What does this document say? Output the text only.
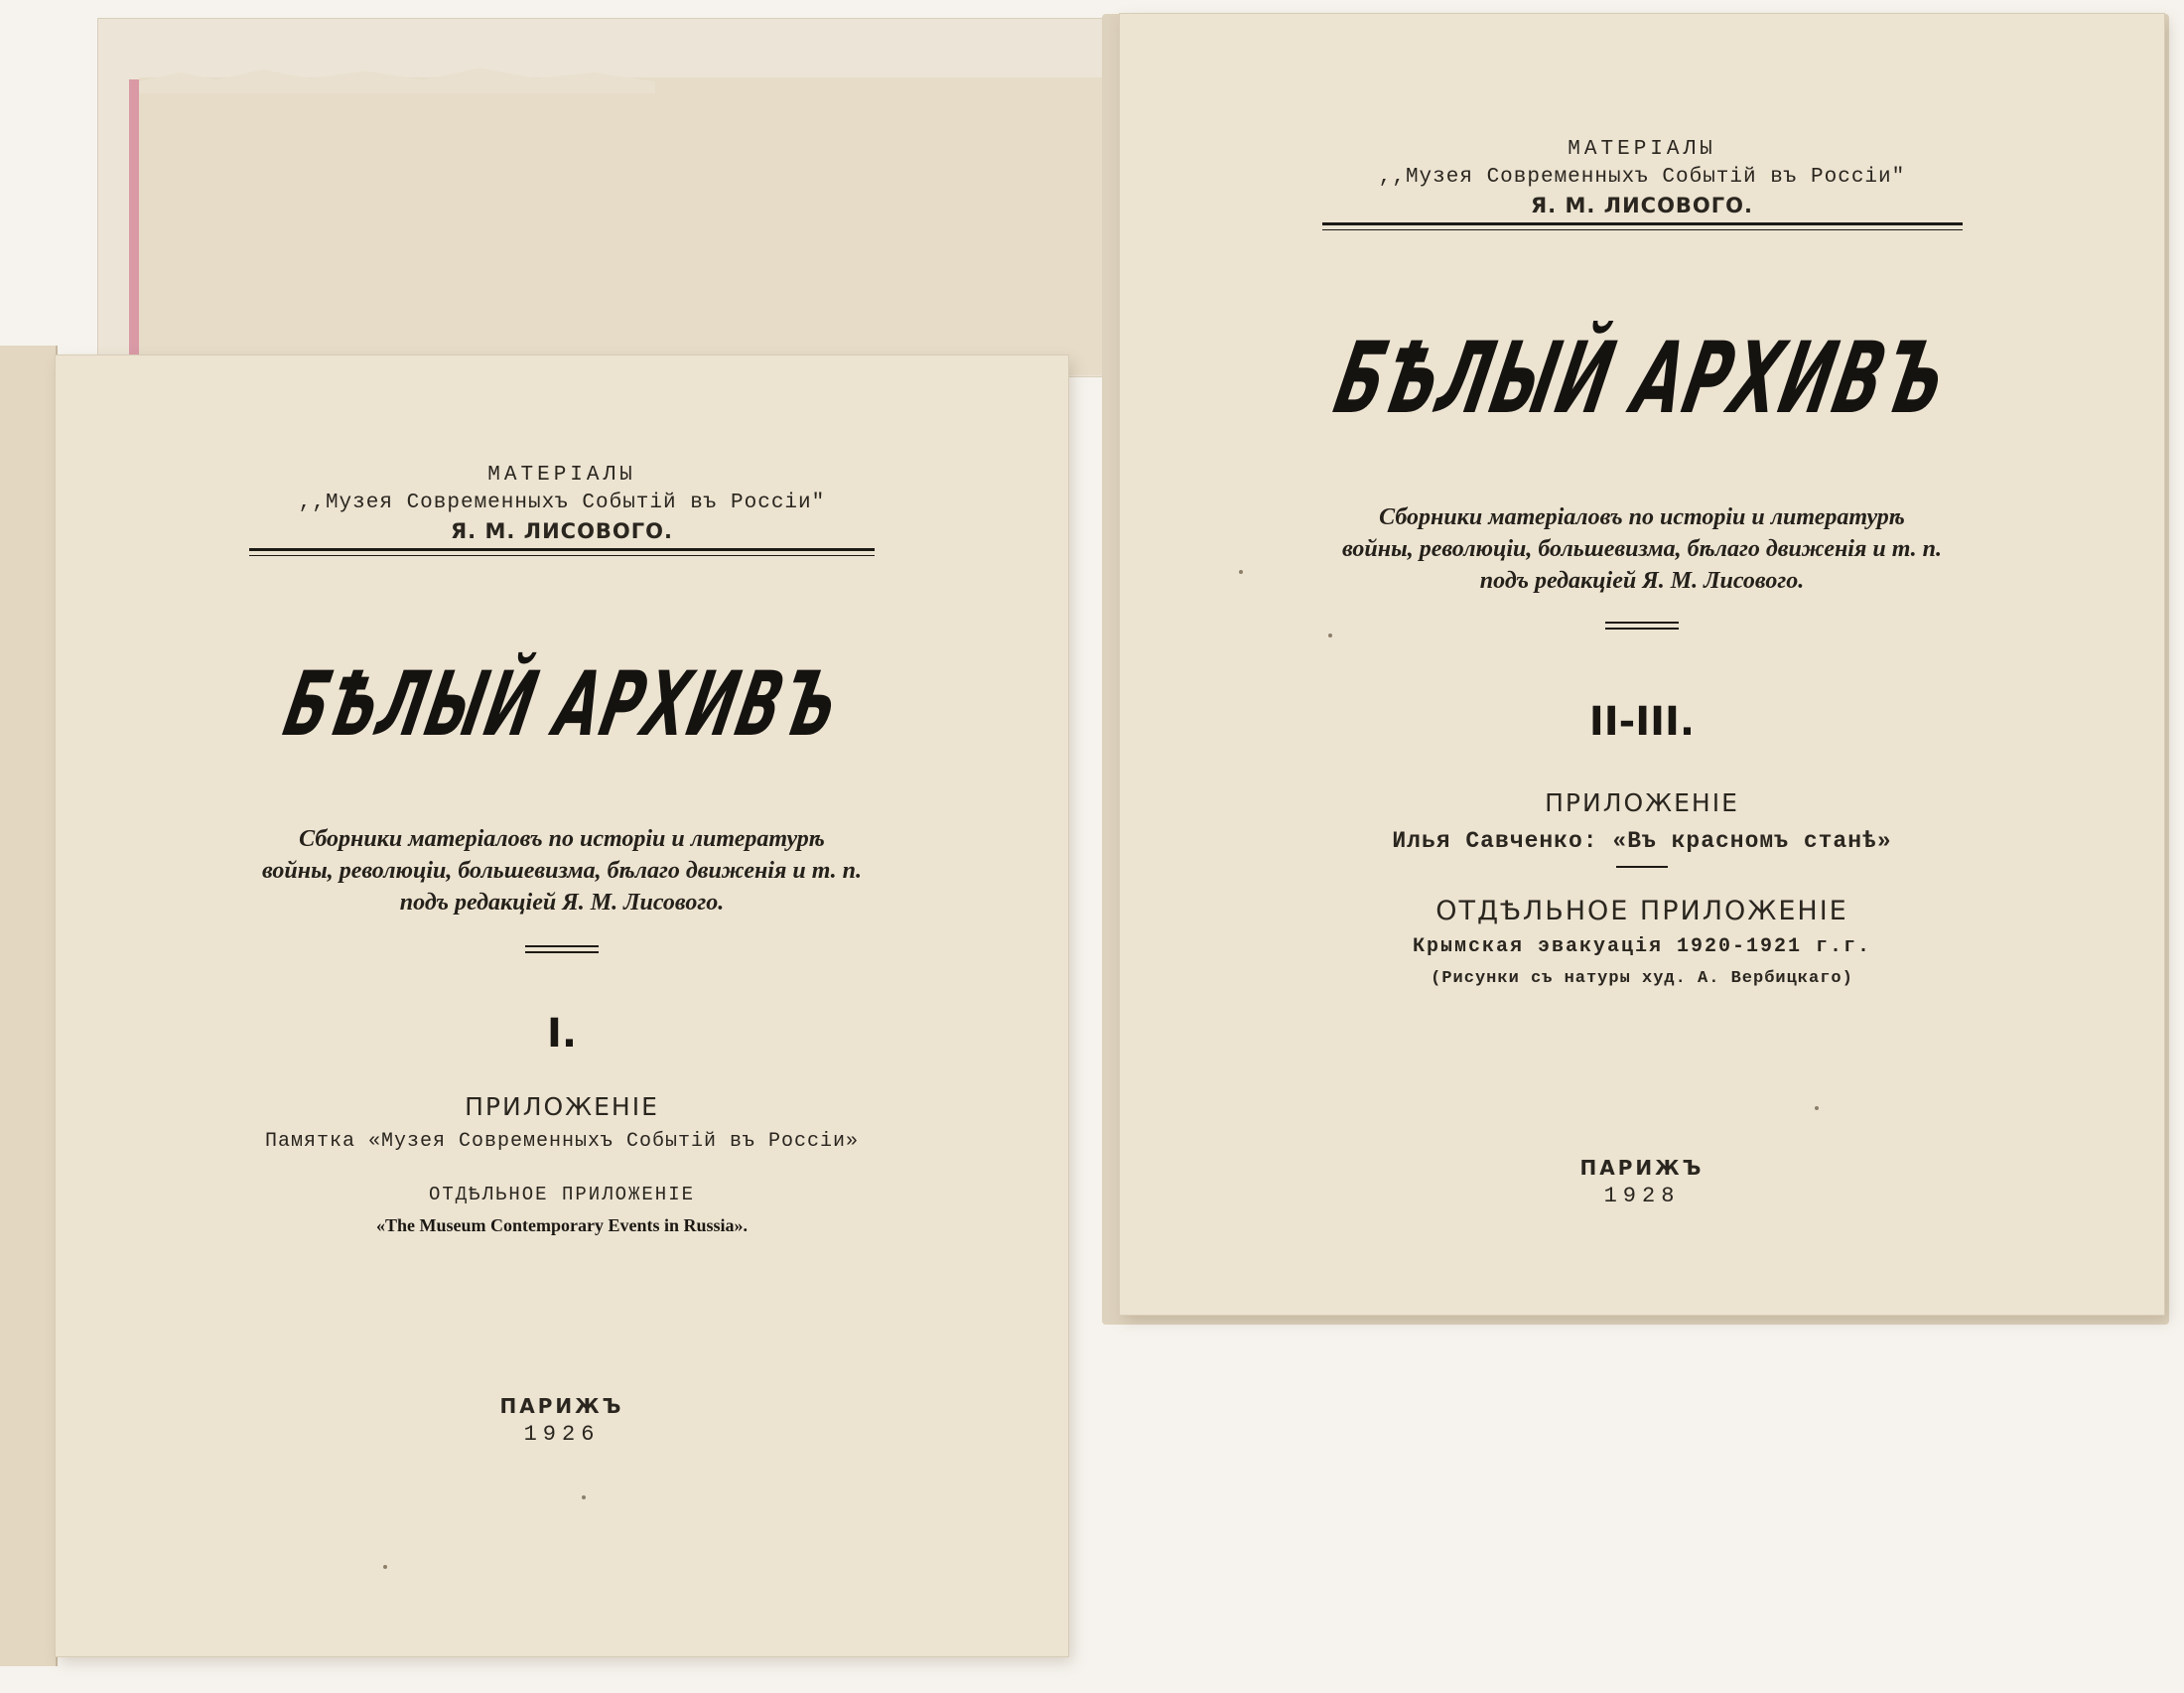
МАТЕРIАЛЫ
,,Музея Современныхъ Событiй въ Россiи"
Я. М. ЛИСОВОГО.
БѢЛЫЙ АРХИВЪ
Сборники матерiаловъ по исторiи и литературѣ
войны, революцiи, большевизма, бѣлаго движенiя и т. п.
подъ редакцiей Я. М. Лисового.
II-III.
ПРИЛОЖЕНIЕ
Илья Савченко: «Въ красномъ станѣ»
ОТДѢЛЬНОЕ ПРИЛОЖЕНIЕ
Крымская эвакуацiя 1920-1921 г.г.
(Рисунки съ натуры худ. А. Вербицкаго)
ПАРИЖЪ
1928
МАТЕРIАЛЫ
,,Музея Современныхъ Событiй въ Россiи"
Я. М. ЛИСОВОГО.
БѢЛЫЙ АРХИВЪ
Сборники матерiаловъ по исторiи и литературѣ
войны, революцiи, большевизма, бѣлаго движенiя и т. п.
подъ редакцiей Я. М. Лисового.
I.
ПРИЛОЖЕНIЕ
Памятка «Музея Современныхъ Событiй въ Россiи»
ОТДѢЛЬНОЕ ПРИЛОЖЕНIЕ
«The Museum Contemporary Events in Russia».
ПАРИЖЪ
1926
